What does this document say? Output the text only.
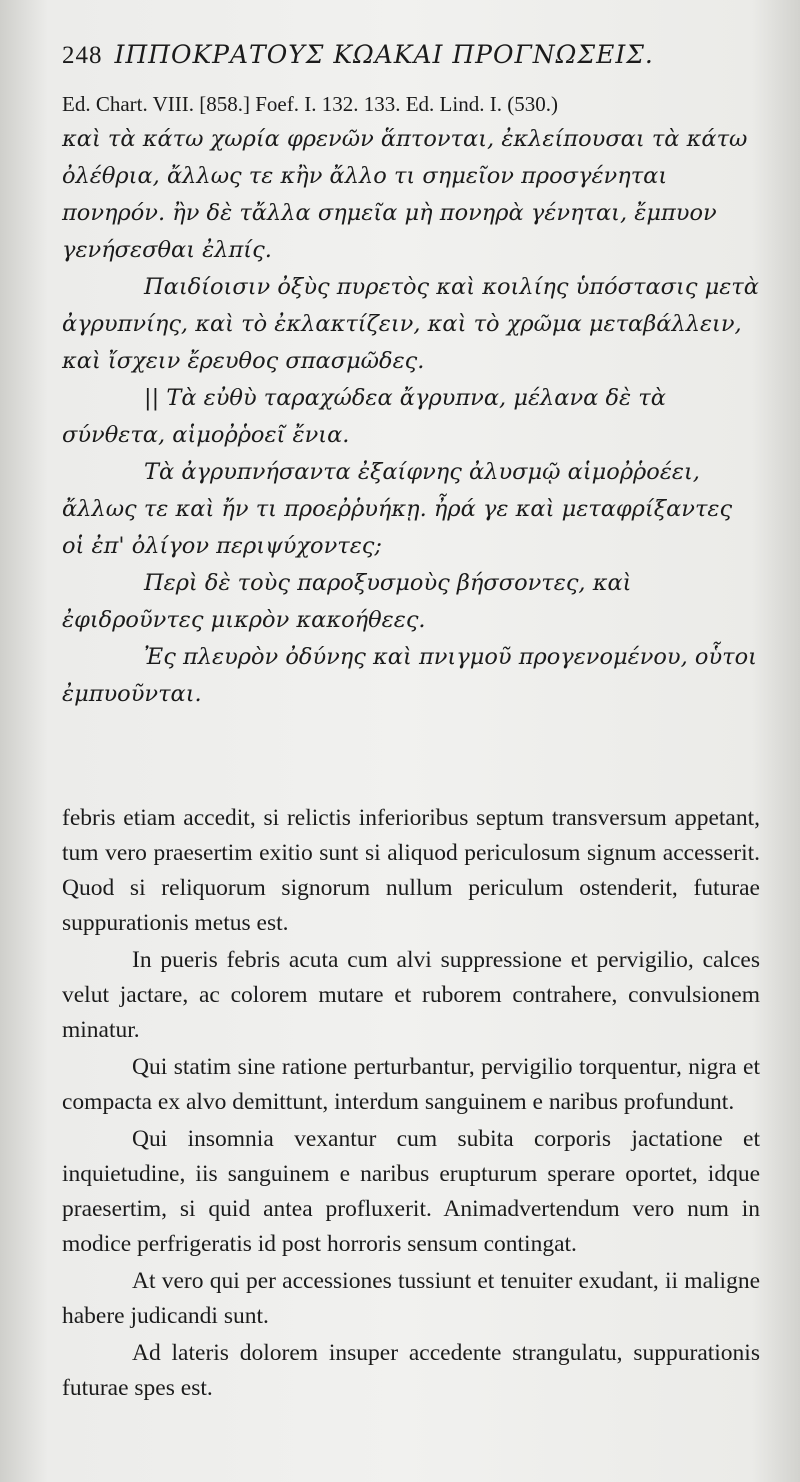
248 ΙΠΠΟΚΡΑΤΟΥΣ ΚΩΑΚΑΙ ΠΡΟΓΝΩΣΕΙΣ.
Ed. Chart. VIII. [858.] Foef. I. 132. 133. Ed. Lind. I. (530.)

καὶ τὰ κάτω χωρία φρενῶν ἅπτονται, ἐκλείπουσαι τὰ κάτω ὀλέθρια, ἄλλως τε κἢν ἄλλο τι σημεῖον προσγένηται πονηρόν. ἢν δὲ τἄλλα σημεῖα μὴ πονηρὰ γένηται, ἔμπυον γενήσεσθαι ἐλπίς.

Παιδίοισιν ὀξὺς πυρετὸς καὶ κοιλίης ὑπόστασις μετὰ ἀγρυπνίης, καὶ τὸ ἐκλακτίζειν, καὶ τὸ χρῶμα μεταβάλλειν, καὶ ἴσχειν ἔρευθος σπασμῶδες.

|| Τὰ εὐθὺ ταραχώδεα ἄγρυπνα, μέλανα δὲ τὰ σύνθετα, αἱμοῤῥοεῖ ἔνια.

Τὰ ἀγρυπνήσαντα ἐξαίφνης ἀλυσμῷ αἱμοῤῥοέει, ἄλλως τε καὶ ἤν τι προεῤῥυήκῃ. ἦρά γε καὶ μεταφρίξαντες οἱ ἐπ' ὀλίγον περιψύχοντες;

Περὶ δὲ τοὺς παροξυσμοὺς βήσσοντες, καὶ ἐφιδροῦντες μικρὸν κακοήθεες.

Ἐς πλευρὸν ὀδύνης καὶ πνιγμοῦ προγενομένου, οὗτοι ἐμπυοῦνται.

febris etiam accedit, si relictis inferioribus septum transversum appetant, tum vero praesertim exitio sunt si aliquod periculosum signum accesserit. Quod si reliquorum signorum nullum periculum ostenderit, futurae suppurationis metus est.

In pueris febris acuta cum alvi suppressione et pervigilio, calces velut jactare, ac colorem mutare et ruborem contrahere, convulsionem minatur.

Qui statim sine ratione perturbantur, pervigilio torquentur, nigra et compacta ex alvo demittunt, interdum sanguinem e naribus profundunt.

Qui insomnia vexantur cum subita corporis jactatione et inquietudine, iis sanguinem e naribus erupturum sperare oportet, idque praesertim, si quid antea profluxerit. Animadvertendum vero num in modice perfrigeratis id post horroris sensum contingat.

At vero qui per accessiones tussiunt et tenuiter exudant, ii maligne habere judicandi sunt.

Ad lateris dolorem insuper accedente strangulatu, suppurationis futurae spes est.
